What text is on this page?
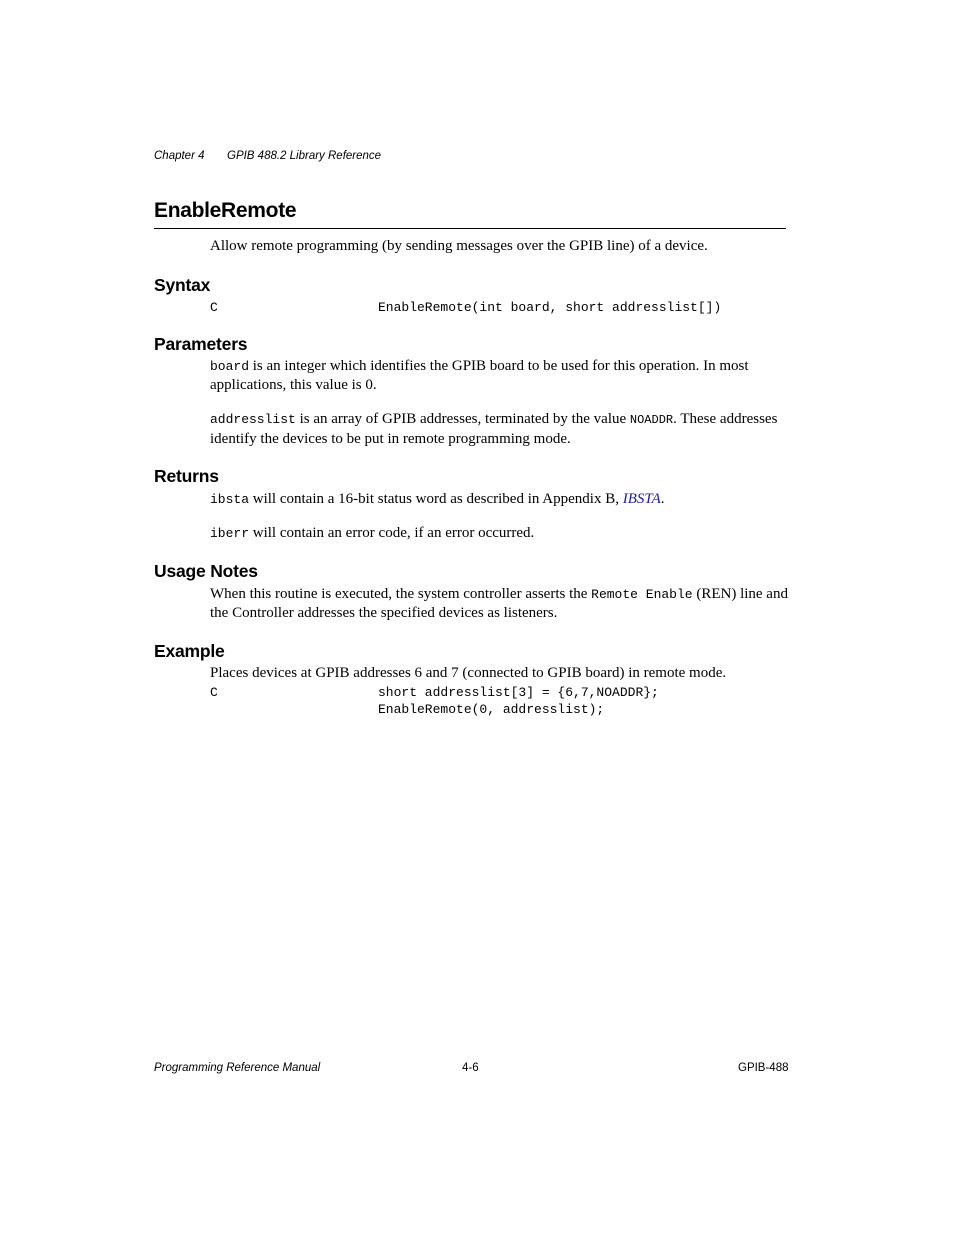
Chapter 4 GPIB 488.2 Library Reference
EnableRemote
Allow remote programming (by sending messages over the GPIB line) of a device.
Syntax
C	EnableRemote(int board, short addresslist[])
Parameters
board is an integer which identifies the GPIB board to be used for this operation. In most applications, this value is 0.
addresslist is an array of GPIB addresses, terminated by the value NOADDR. These addresses identify the devices to be put in remote programming mode.
Returns
ibsta will contain a 16-bit status word as described in Appendix B, IBSTA.
iberr will contain an error code, if an error occurred.
Usage Notes
When this routine is executed, the system controller asserts the Remote Enable (REN) line and the Controller addresses the specified devices as listeners.
Example
Places devices at GPIB addresses 6 and 7 (connected to GPIB board) in remote mode.
C	short addresslist[3] = {6,7,NOADDR};
EnableRemote(0, addresslist);
Programming Reference Manual	4-6	GPIB-488
